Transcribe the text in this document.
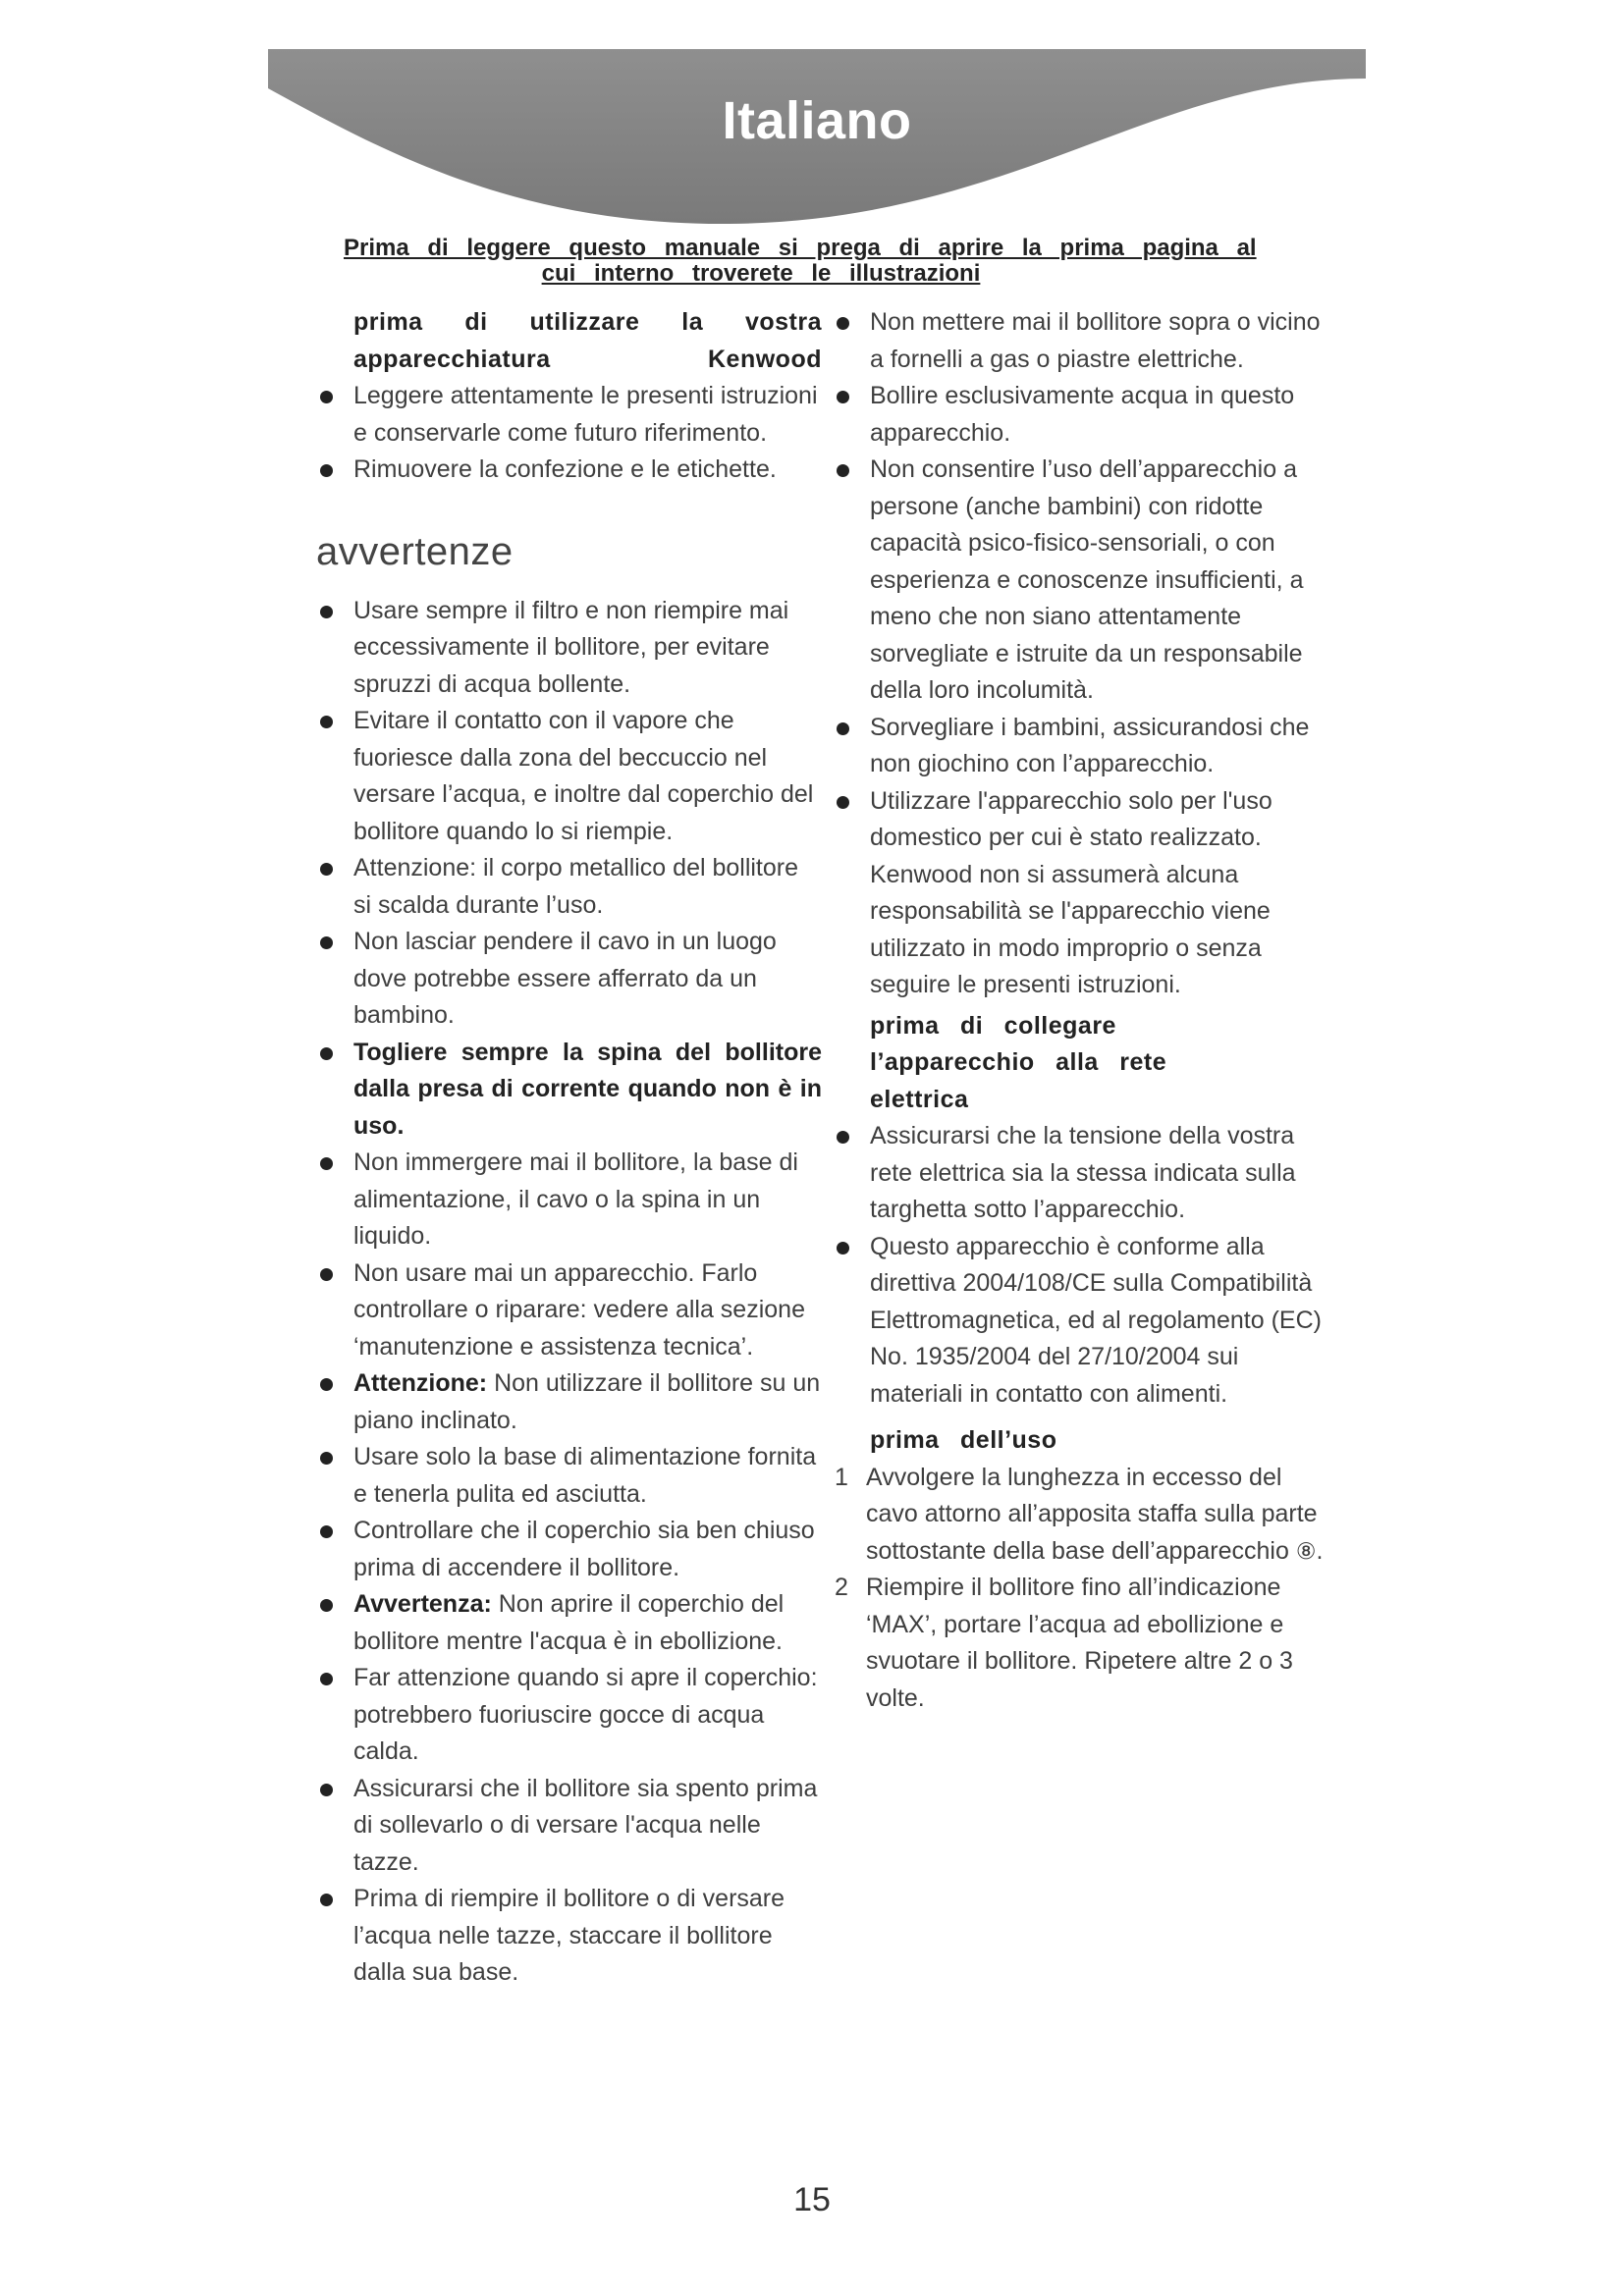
Italiano
Prima di leggere questo manuale si prega di aprire la prima pagina al
cui interno troverete le illustrazioni

prima di utilizzare la vostra
apparecchiatura Kenwood

Leggere attentamente le presenti istruzioni e conservarle come futuro riferimento.
Rimuovere la confezione e le etichette.

avvertenze

Usare sempre il filtro e non riempire mai eccessivamente il bollitore, per evitare spruzzi di acqua bollente.
Evitare il contatto con il vapore che fuoriesce dalla zona del beccuccio nel versare l’acqua, e inoltre dal coperchio del bollitore quando lo si riempie.
Attenzione: il corpo metallico del bollitore si scalda durante l’uso.
Non lasciar pendere il cavo in un luogo dove potrebbe essere afferrato da un bambino.
Togliere sempre la spina del bollitore dalla presa di corrente quando non è in uso.
Non immergere mai il bollitore, la base di alimentazione, il cavo o la spina in un liquido.
Non usare mai un apparecchio. Farlo controllare o riparare: vedere alla sezione ‘manutenzione e assistenza tecnica’.
Attenzione: Non utilizzare il bollitore su un piano inclinato.
Usare solo la base di alimentazione fornita e tenerla pulita ed asciutta.
Controllare che il coperchio sia ben chiuso prima di accendere il bollitore.
Avvertenza: Non aprire il coperchio del bollitore mentre l'acqua è in ebollizione.
Far attenzione quando si apre il coperchio: potrebbero fuoriuscire gocce di acqua calda.
Assicurarsi che il bollitore sia spento prima di sollevarlo o di versare l'acqua nelle tazze.
Prima di riempire il bollitore o di versare l’acqua nelle tazze, staccare il bollitore dalla sua base.
Non mettere mai il bollitore sopra o vicino a fornelli a gas o piastre elettriche.
Bollire esclusivamente acqua in questo apparecchio.
Non consentire l’uso dell’apparecchio a persone (anche bambini) con ridotte capacità psico-fisico-sensoriali, o con esperienza e conoscenze insufficienti, a meno che non siano attentamente sorvegliate e istruite da un responsabile della loro incolumità.
Sorvegliare i bambini, assicurandosi che non giochino con l’apparecchio.
Utilizzare l'apparecchio solo per l'uso domestico per cui è stato realizzato. Kenwood non si assumerà alcuna responsabilità se l'apparecchio viene utilizzato in modo improprio o senza seguire le presenti istruzioni.

prima di collegare
l’apparecchio alla rete
elettrica

Assicurarsi che la tensione della vostra rete elettrica sia la stessa indicata sulla targhetta sotto l’apparecchio.
Questo apparecchio è conforme alla direttiva 2004/108/CE sulla Compatibilità Elettromagnetica, ed al regolamento (EC) No. 1935/2004 del 27/10/2004 sui materiali in contatto con alimenti.

prima dell’uso

1 Avvolgere la lunghezza in eccesso del cavo attorno all’apposita staffa sulla parte sottostante della base dell’apparecchio ⑧.
2 Riempire il bollitore fino all’indicazione ‘MAX’, portare l’acqua ad ebollizione e svuotare il bollitore. Ripetere altre 2 o 3 volte.
15
